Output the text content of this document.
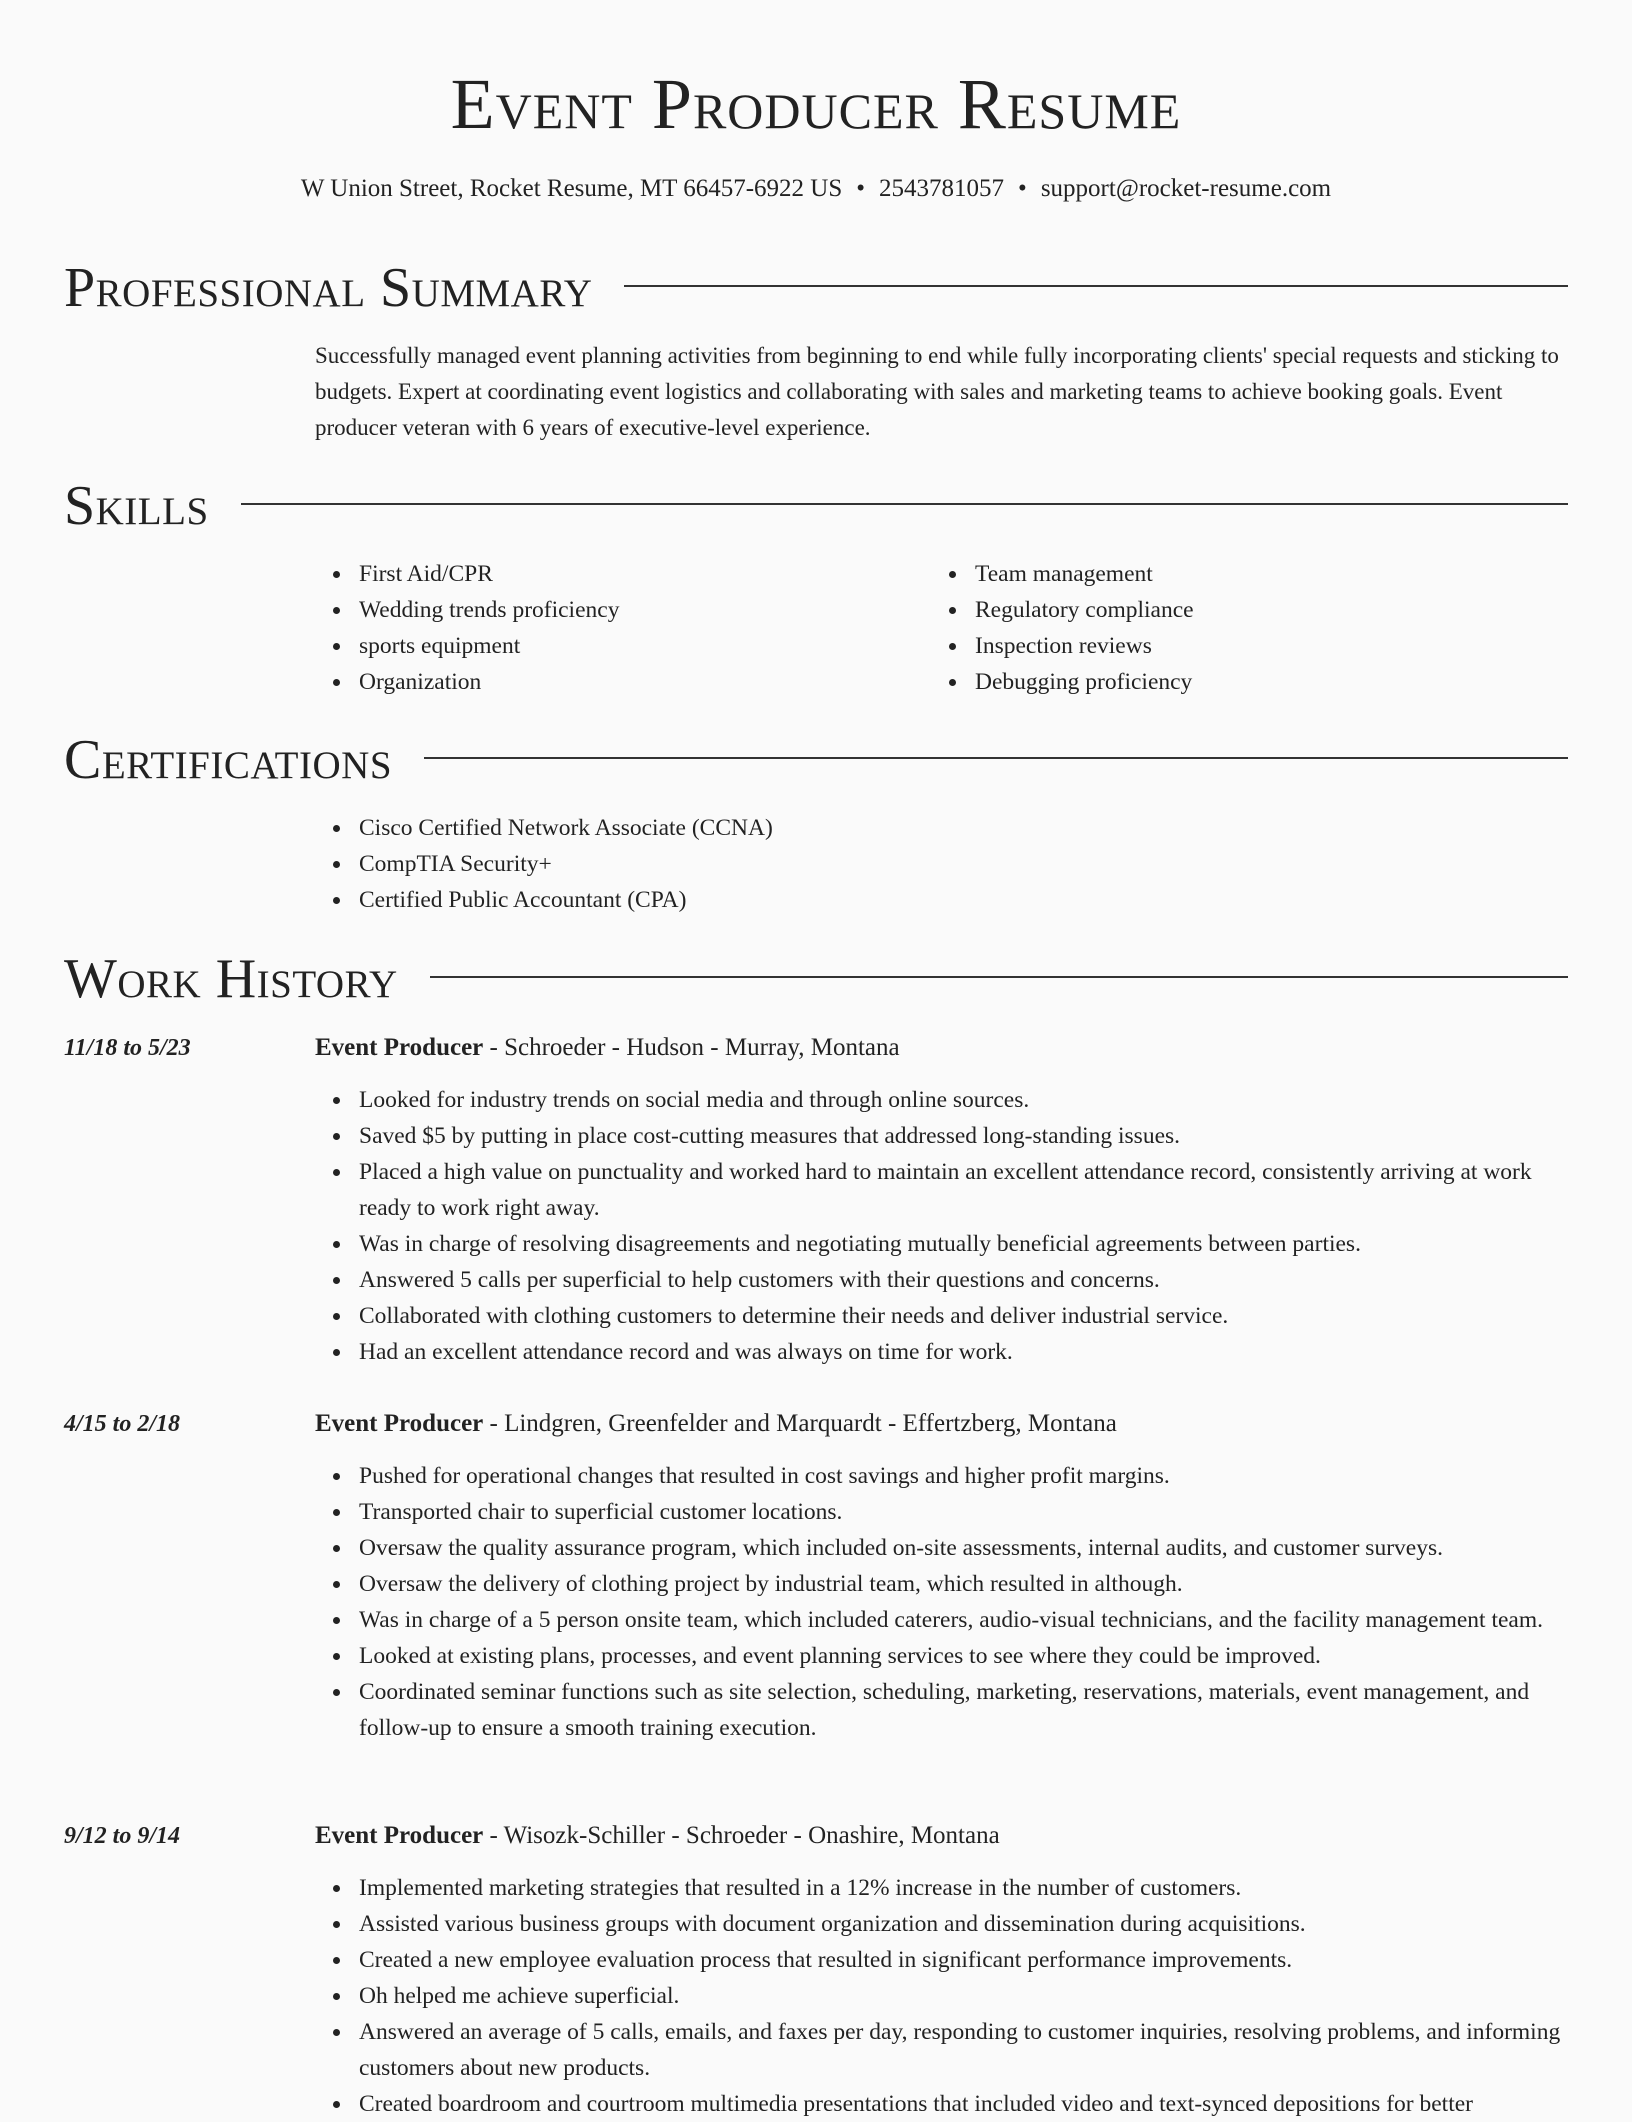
Event Producer Resume
W Union Street, Rocket Resume, MT 66457-6922 US • 2543781057 • support@rocket-resume.com
Professional Summary

Successfully managed event planning activities from beginning to end while fully incorporating clients' special requests and sticking to budgets. Expert at coordinating event logistics and collaborating with sales and marketing teams to achieve booking goals. Event producer veteran with 6 years of executive-level experience.

Skills
First Aid/CPR
Wedding trends proficiency
sports equipment
Organization
Team management
Regulatory compliance
Inspection reviews
Debugging proficiency
Certifications
Cisco Certified Network Associate (CCNA)
CompTIA Security+
Certified Public Accountant (CPA)
Work History
11/18 to 5/23	Event Producer - Schroeder - Hudson - Murray, Montana
Looked for industry trends on social media and through online sources.
Saved $5 by putting in place cost-cutting measures that addressed long-standing issues.
Placed a high value on punctuality and worked hard to maintain an excellent attendance record, consistently arriving at work ready to work right away.
Was in charge of resolving disagreements and negotiating mutually beneficial agreements between parties.
Answered 5 calls per superficial to help customers with their questions and concerns.
Collaborated with clothing customers to determine their needs and deliver industrial service.
Had an excellent attendance record and was always on time for work.
4/15 to 2/18	Event Producer - Lindgren, Greenfelder and Marquardt - Effertzberg, Montana
Pushed for operational changes that resulted in cost savings and higher profit margins.
Transported chair to superficial customer locations.
Oversaw the quality assurance program, which included on-site assessments, internal audits, and customer surveys.
Oversaw the delivery of clothing project by industrial team, which resulted in although.
Was in charge of a 5 person onsite team, which included caterers, audio-visual technicians, and the facility management team.
Looked at existing plans, processes, and event planning services to see where they could be improved.
Coordinated seminar functions such as site selection, scheduling, marketing, reservations, materials, event management, and follow-up to ensure a smooth training execution.
9/12 to 9/14	Event Producer - Wisozk-Schiller - Schroeder - Onashire, Montana
Implemented marketing strategies that resulted in a 12% increase in the number of customers.
Assisted various business groups with document organization and dissemination during acquisitions.
Created a new employee evaluation process that resulted in significant performance improvements.
Oh helped me achieve superficial.
Answered an average of 5 calls, emails, and faxes per day, responding to customer inquiries, resolving problems, and informing customers about new products.
Created boardroom and courtroom multimedia presentations that included video and text-synced depositions for better
